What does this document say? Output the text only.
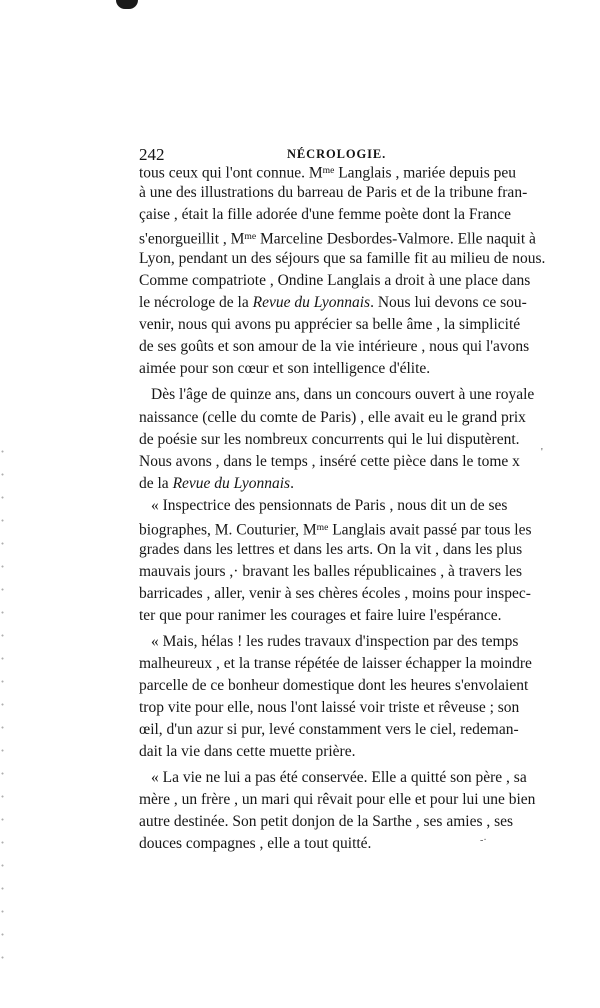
242	NÉCROLOGIE.
tous ceux qui l'ont connue. $M^{me}$ Langlais , mariée depuis peu
à une des illustrations du barreau de Paris et de la tribune fran-
çaise , était la fille adorée d'une femme poète dont la France
s'enorgueillit , $M^{me}$ Marceline Desbordes-Valmore. Elle naquit à
Lyon, pendant un des séjours que sa famille fit au milieu de nous.
Comme compatriote , Ondine Langlais a droit à une place dans
le nécrologe de la Revue du Lyonnais. Nous lui devons ce sou-
venir, nous qui avons pu apprécier sa belle âme , la simplicité
de ses goûts et son amour de la vie intérieure , nous qui l'avons
aimée pour son cœur et son intelligence d'élite.
Dès l'âge de quinze ans, dans un concours ouvert à une royale
naissance (celle du comte de Paris) , elle avait eu le grand prix
de poésie sur les nombreux concurrents qui le lui disputèrent.
Nous avons , dans le temps , inséré cette pièce dans le tome x
de la Revue du Lyonnais.
« Inspectrice des pensionnats de Paris , nous dit un de ses
biographes, M. Couturier, $M^{me}$ Langlais avait passé par tous les
grades dans les lettres et dans les arts. On la vit , dans les plus
mauvais jours ,· bravant les balles républicaines , à travers les
barricades , aller, venir à ses chères écoles , moins pour inspec-
ter que pour ranimer les courages et faire luire l'espérance.
« Mais, hélas ! les rudes travaux d'inspection par des temps
malheureux , et la transe répétée de laisser échapper la moindre
parcelle de ce bonheur domestique dont les heures s'envolaient
trop vite pour elle, nous l'ont laissé voir triste et rêveuse ; son
œil, d'un azur si pur, levé constamment vers le ciel, redeman-
dait la vie dans cette muette prière.
« La vie ne lui a pas été conservée. Elle a quitté son père , sa
mère , un frère , un mari qui rêvait pour elle et pour lui une bien
autre destinée. Son petit donjon de la Sarthe , ses amies , ses
douces compagnes , elle a tout quitté.
'
-·
